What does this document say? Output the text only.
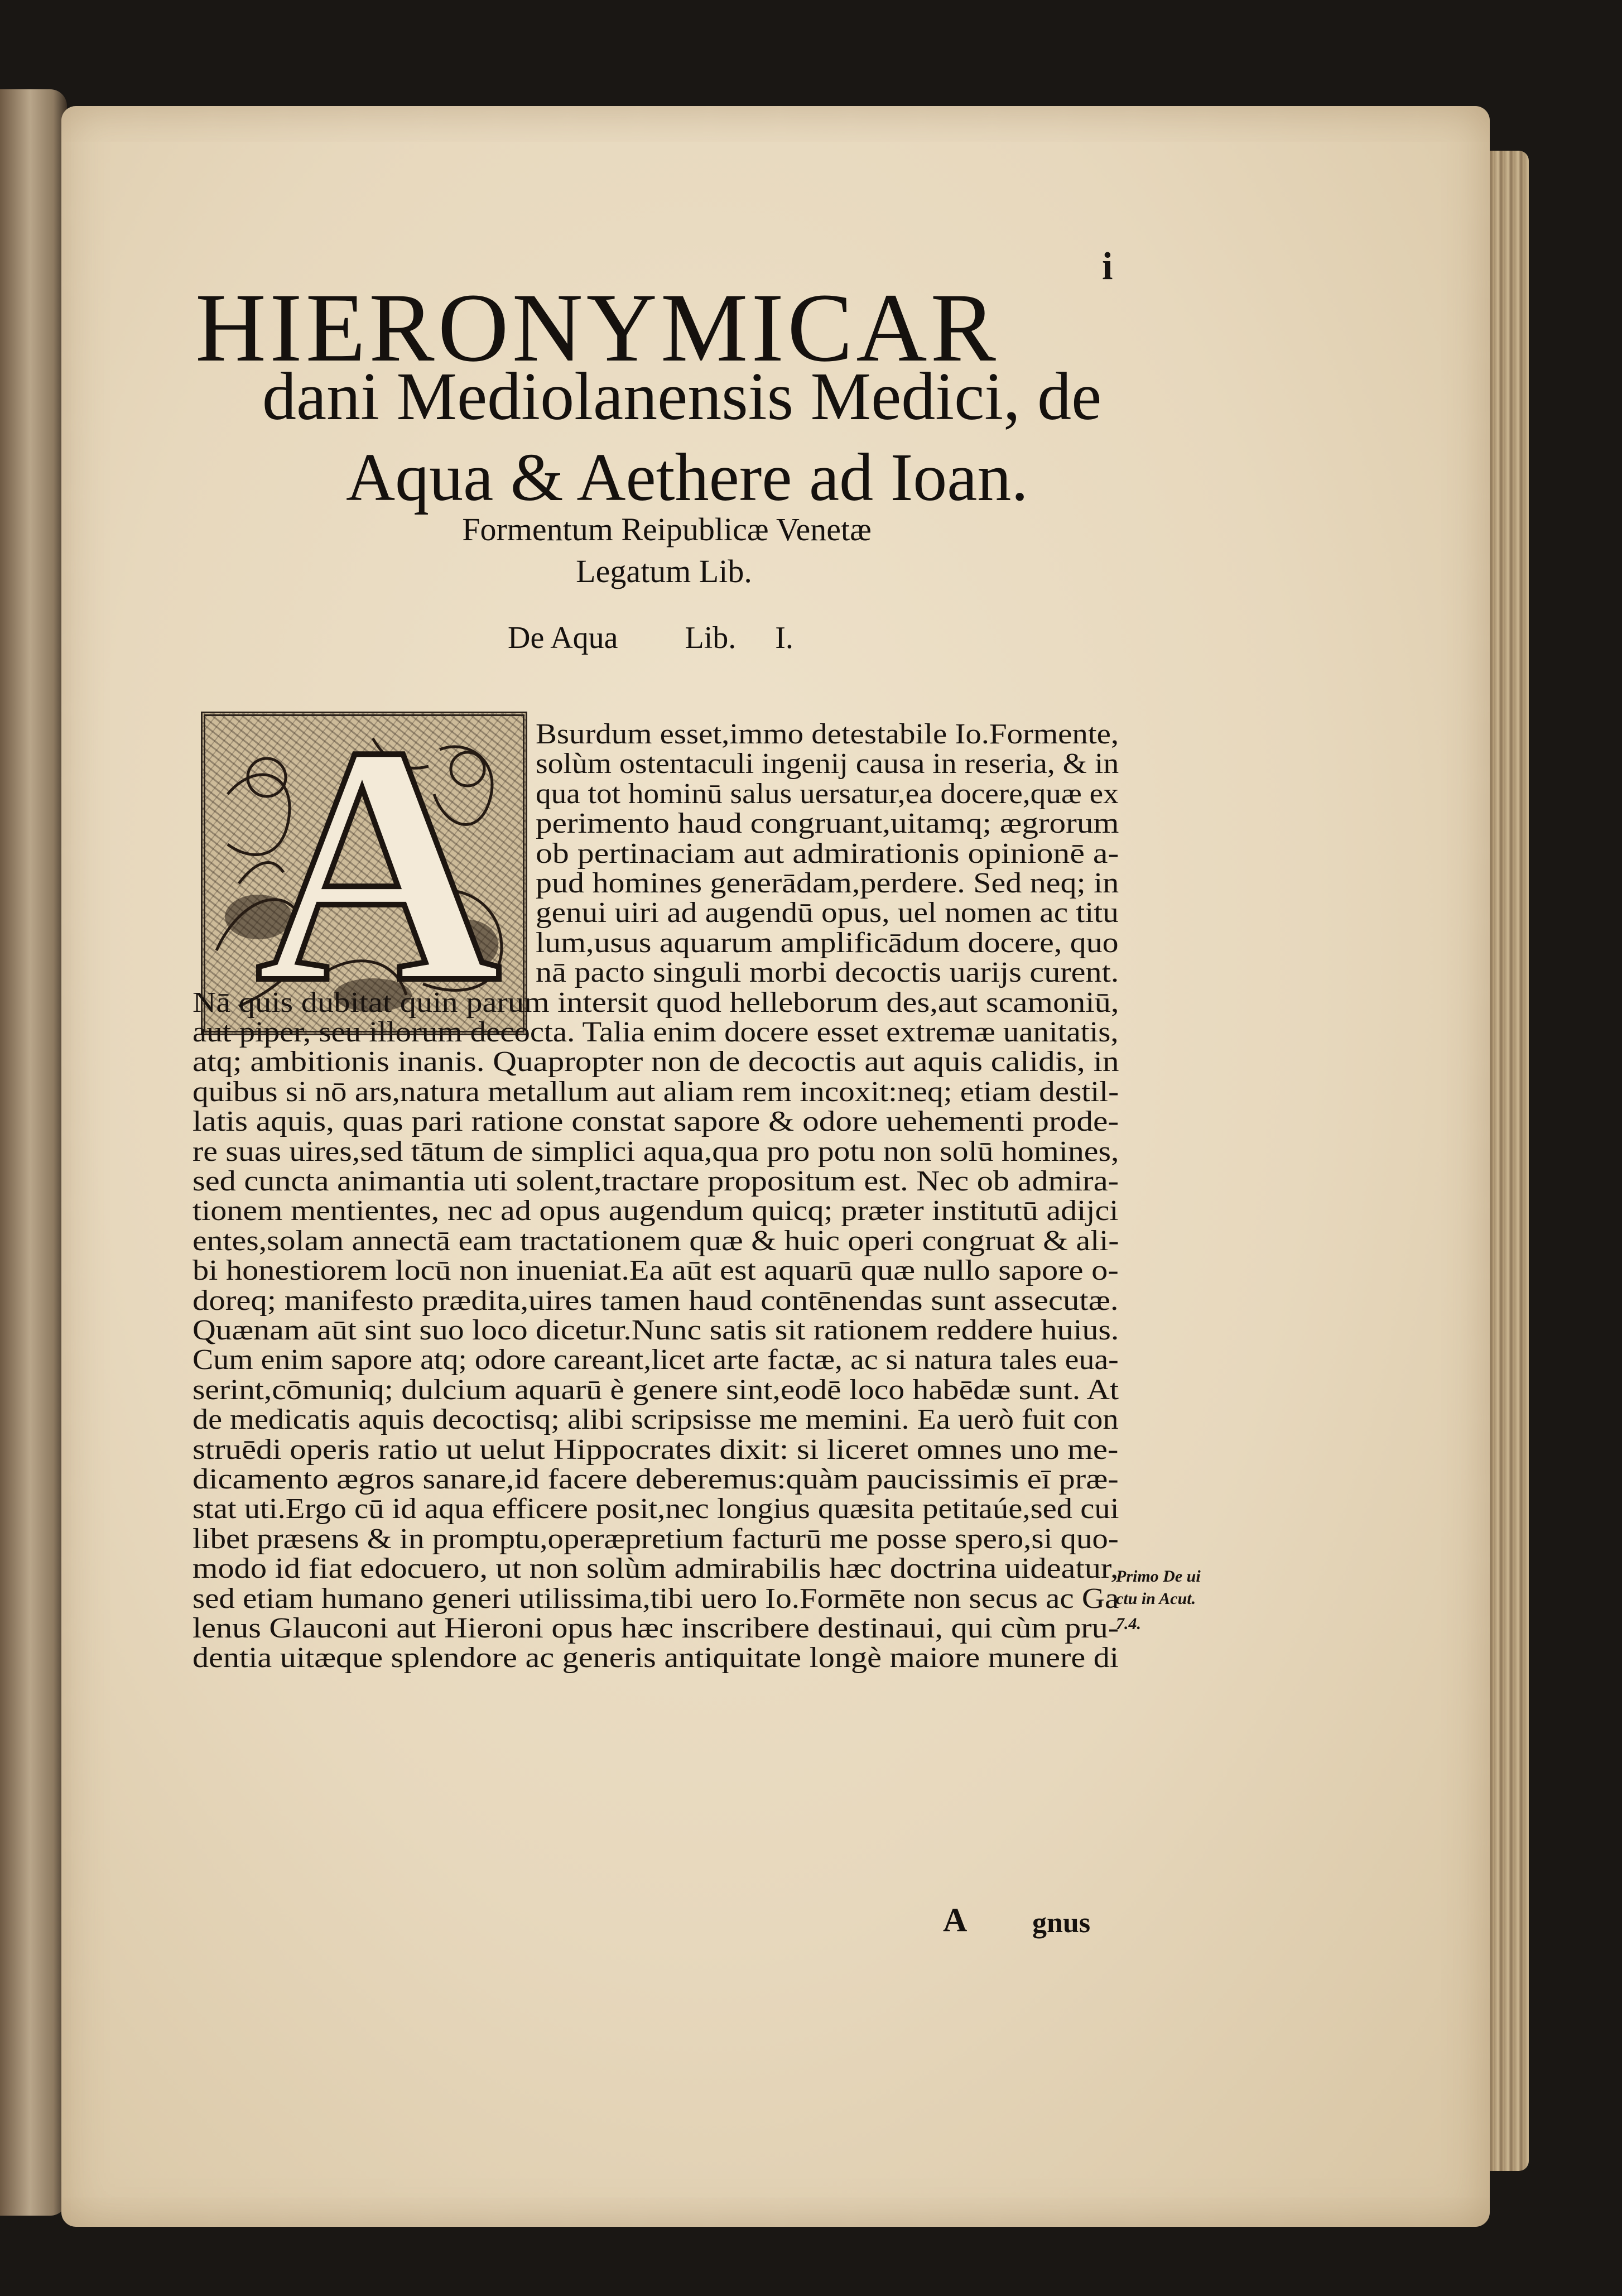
i
HIERONYMICAR
dani Mediolanensis Medici, de
Aqua & Aethere ad Ioan.
Formentum Reipublicæ Venetæ
Legatum Lib.
De Aqua Lib. I.
A Bsurdum esset,immo detestabile Io.Formente,
solùm ostentaculi ingenij causa in reseria, & in
qua tot hominū salus uersatur,ea docere,quæ ex
perimento haud congruant,uitamq; ægrorum
ob pertinaciam aut admirationis opinionē a-
pud homines generādam,perdere. Sed neq; in
genui uiri ad augendū opus, uel nomen ac titu
lum,usus aquarum amplificādum docere, quo
nā pacto singuli morbi decoctis uarijs curent.
Nā quis dubitat quin parum intersit quod helleborum des,aut scamoniū,
aut piper, seu illorum decocta. Talia enim docere esset extremæ uanitatis,
atq; ambitionis inanis. Quapropter non de decoctis aut aquis calidis, in
quibus si nō ars,natura metallum aut aliam rem incoxit:neq; etiam destil-
latis aquis, quas pari ratione constat sapore & odore uehementi prode-
re suas uires,sed tātum de simplici aqua,qua pro potu non solū homines,
sed cuncta animantia uti solent,tractare propositum est. Nec ob admira-
tionem mentientes, nec ad opus augendum quicq; præter institutū adijci
entes,solam annectā eam tractationem quæ & huic operi congruat & ali-
bi honestiorem locū non inueniat.Ea aūt est aquarū quæ nullo sapore o-
doreq; manifesto prædita,uires tamen haud contēnendas sunt assecutæ.
Quænam aūt sint suo loco dicetur.Nunc satis sit rationem reddere huius.
Cum enim sapore atq; odore careant,licet arte factæ, ac si natura tales eua-
serint,cōmuniq; dulcium aquarū è genere sint,eodē loco habēdæ sunt. At
de medicatis aquis decoctisq; alibi scripsisse me memini. Ea uerò fuit con
struēdi operis ratio ut uelut Hippocrates dixit: si liceret omnes uno me-
dicamento ægros sanare,id facere deberemus:quàm paucissimis eī præ-
stat uti.Ergo cū id aqua efficere posit,nec longius quæsita petitaúe,sed cui
libet præsens & in promptu,operæpretium facturū me posse spero,si quo-
modo id fiat edocuero, ut non solùm admirabilis hæc doctrina uideatur,
sed etiam humano generi utilissima,tibi uero Io.Formēte non secus ac Ga
lenus Glauconi aut Hieroni opus hæc inscribere destinaui, qui cùm pru-
dentia uitæque splendore ac generis antiquitate longè maiore munere di
Primo De ui
ctu in Acut.
7.4.
A gnus
